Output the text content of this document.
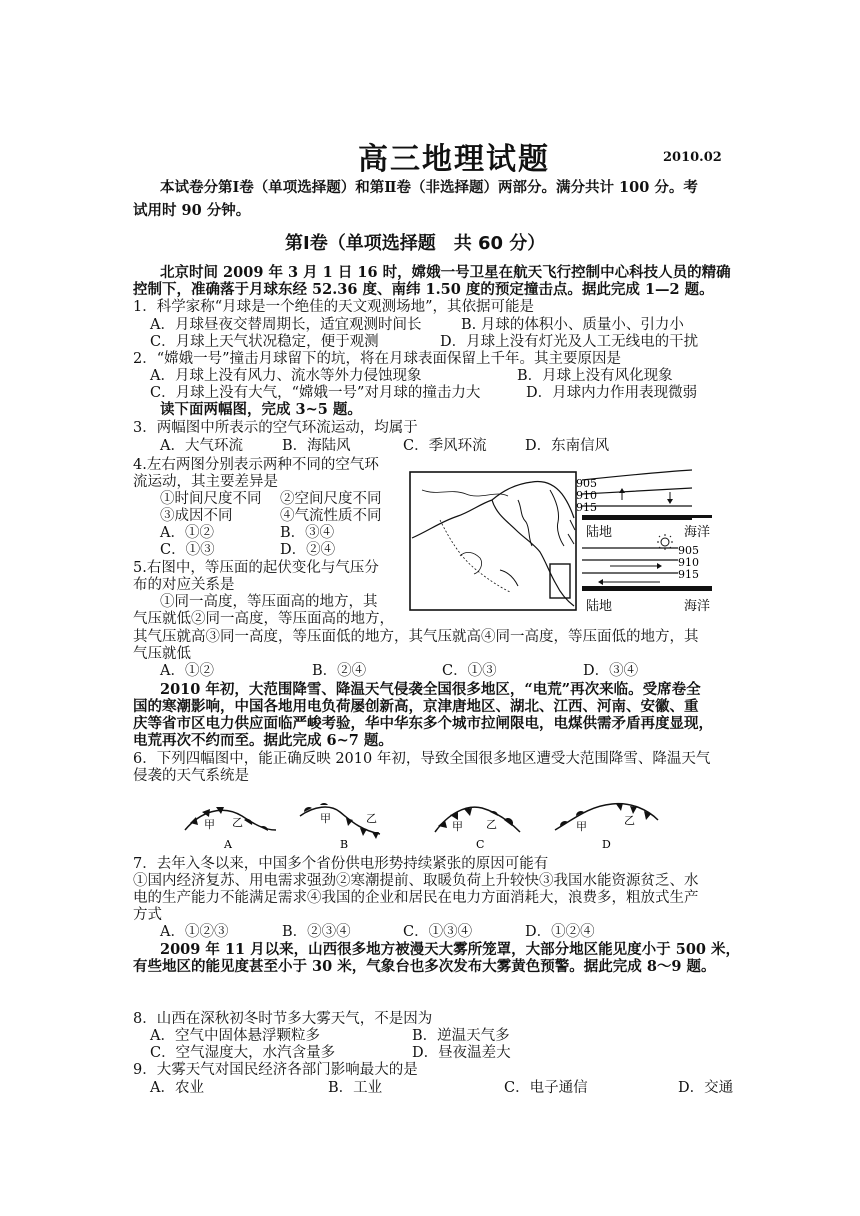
高三地理试题	2010.02
本试卷分第Ⅰ卷（单项选择题）和第Ⅱ卷（非选择题）两部分。满分共计 100 分。考
试用时 90 分钟。
第Ⅰ卷（单项选择题　共 60 分）
北京时间 2009 年 3 月 1 日 16 时，嫦娥一号卫星在航天飞行控制中心科技人员的精确
控制下，准确落于月球东经 52.36 度、南纬 1.50 度的预定撞击点。据此完成 1—2 题。
1．科学家称“月球是一个绝佳的天文观测场地”，其依据可能是
A．月球昼夜交替周期长，适宜观测时间长	B. 月球的体积小、质量小、引力小
C．月球上天气状况稳定，便于观测	D．月球上没有灯光及人工无线电的干扰
2．“嫦娥一号”撞击月球留下的坑，将在月球表面保留上千年。其主要原因是
A．月球上没有风力、流水等外力侵蚀现象	B．月球上没有风化现象
C．月球上没有大气，“嫦娥一号”对月球的撞击力大	D．月球内力作用表现微弱
读下面两幅图，完成 3~5 题。
3．两幅图中所表示的空气环流运动，均属于
A．大气环流	B．海陆风	C．季风环流	D．东南信风
4.左右两图分别表示两种不同的空气环
流运动，其主要差异是
①时间尺度不同 ②空间尺度不同
③成因不同	④气流性质不同
A．①②	B．③④
C．①③	D．②④
5.右图中，等压面的起伏变化与气压分
布的对应关系是
①同一高度，等压面高的地方，其
气压就低②同一高度，等压面高的地方，
其气压就高③同一高度，等压面低的地方，其气压就高④同一高度，等压面低的地方，其
气压就低
A．①②	B．②④	C．①③	D．③④
905
910
915
陆地	海洋
905
910
915
陆地	海洋
2010 年初，大范围降雪、降温天气侵袭全国很多地区，“电荒”再次来临。受席卷全
国的寒潮影响，中国各地用电负荷屡创新高，京津唐地区、湖北、江西、河南、安徽、重
庆等省市区电力供应面临严峻考验，华中华东多个城市拉闸限电，电煤供需矛盾再度显现，
电荒再次不约而至。据此完成 6~7 题。
6．下列四幅图中，能正确反映 2010 年初，导致全国很多地区遭受大范围降雪、降温天气
侵袭的天气系统是
甲 乙
A
甲	乙
B
甲 乙
C
甲	乙
D
7．去年入冬以来，中国多个省份供电形势持续紧张的原因可能有
①国内经济复苏、用电需求强劲②寒潮提前、取暖负荷上升较快③我国水能资源贫乏、水
电的生产能力不能满足需求④我国的企业和居民在电力方面消耗大，浪费多，粗放式生产
方式
A．①②③	B．②③④	C．①③④	D．①②④
2009 年 11 月以来，山西很多地方被漫天大雾所笼罩，大部分地区能见度小于 500 米，
有些地区的能见度甚至小于 30 米，气象台也多次发布大雾黄色预警。据此完成 8～9 题。
8．山西在深秋初冬时节多大雾天气，不是因为
A．空气中固体悬浮颗粒多	B．逆温天气多
C．空气湿度大，水汽含量多	D．昼夜温差大
9．大雾天气对国民经济各部门影响最大的是
A．农业	B．工业	C．电子通信	D．交通
